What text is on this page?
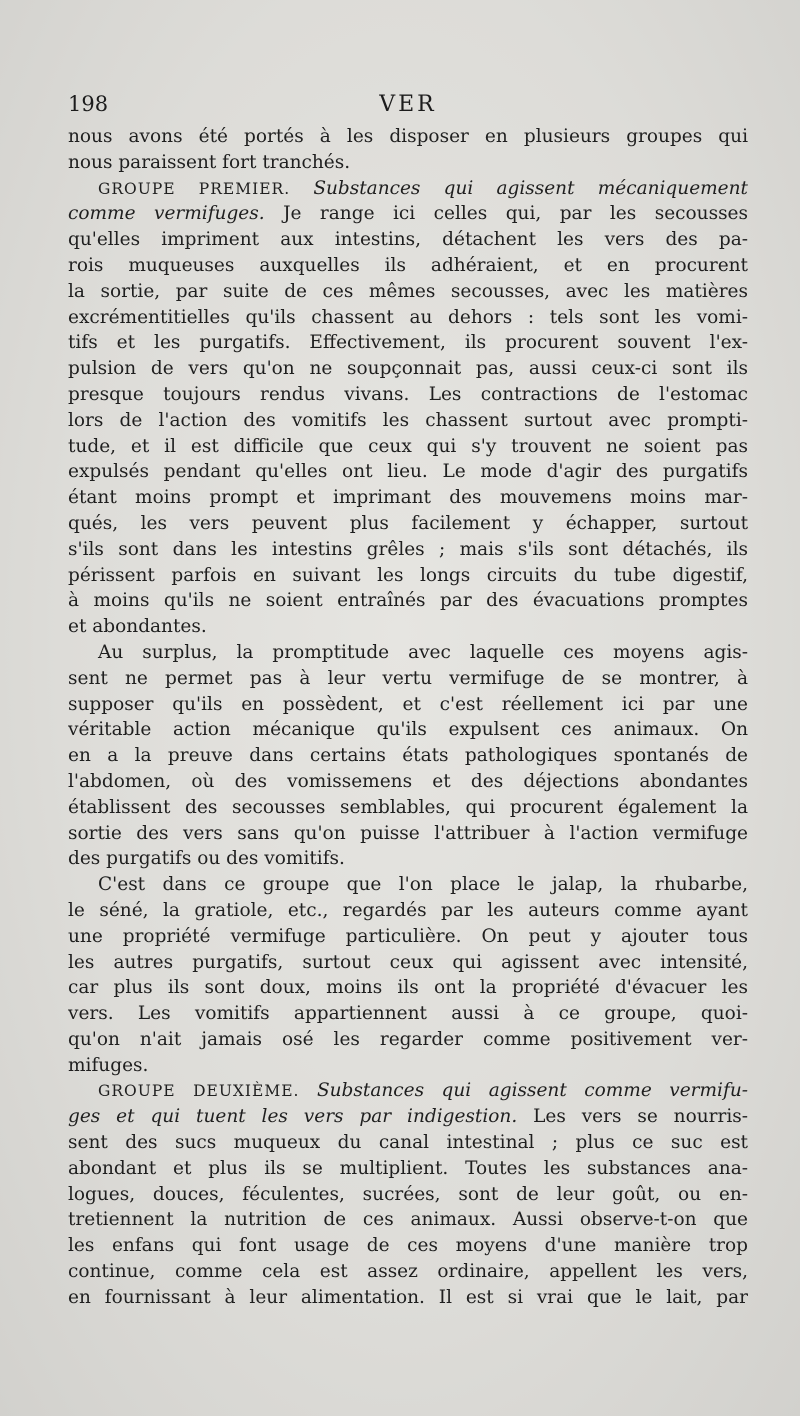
198	VER
nous avons été portés à les disposer en plusieurs groupes qui
nous paraissent fort tranchés.
GROUPE PREMIER. Substances qui agissent mécaniquement
comme vermifuges. Je range ici celles qui, par les secousses
qu'elles impriment aux intestins, détachent les vers des pa-
rois muqueuses auxquelles ils adhéraient, et en procurent
la sortie, par suite de ces mêmes secousses, avec les matières
excrémentitielles qu'ils chassent au dehors : tels sont les vomi-
tifs et les purgatifs. Effectivement, ils procurent souvent l'ex-
pulsion de vers qu'on ne soupçonnait pas, aussi ceux-ci sont ils
presque toujours rendus vivans. Les contractions de l'estomac
lors de l'action des vomitifs les chassent surtout avec prompti-
tude, et il est difficile que ceux qui s'y trouvent ne soient pas
expulsés pendant qu'elles ont lieu. Le mode d'agir des purgatifs
étant moins prompt et imprimant des mouvemens moins mar-
qués, les vers peuvent plus facilement y échapper, surtout
s'ils sont dans les intestins grêles ; mais s'ils sont détachés, ils
périssent parfois en suivant les longs circuits du tube digestif,
à moins qu'ils ne soient entraînés par des évacuations promptes
et abondantes.
Au surplus, la promptitude avec laquelle ces moyens agis-
sent ne permet pas à leur vertu vermifuge de se montrer, à
supposer qu'ils en possèdent, et c'est réellement ici par une
véritable action mécanique qu'ils expulsent ces animaux. On
en a la preuve dans certains états pathologiques spontanés de
l'abdomen, où des vomissemens et des déjections abondantes
établissent des secousses semblables, qui procurent également la
sortie des vers sans qu'on puisse l'attribuer à l'action vermifuge
des purgatifs ou des vomitifs.
C'est dans ce groupe que l'on place le jalap, la rhubarbe,
le séné, la gratiole, etc., regardés par les auteurs comme ayant
une propriété vermifuge particulière. On peut y ajouter tous
les autres purgatifs, surtout ceux qui agissent avec intensité,
car plus ils sont doux, moins ils ont la propriété d'évacuer les
vers. Les vomitifs appartiennent aussi à ce groupe, quoi-
qu'on n'ait jamais osé les regarder comme positivement ver-
mifuges.
GROUPE DEUXIÈME. Substances qui agissent comme vermifu-
ges et qui tuent les vers par indigestion. Les vers se nourris-
sent des sucs muqueux du canal intestinal ; plus ce suc est
abondant et plus ils se multiplient. Toutes les substances ana-
logues, douces, féculentes, sucrées, sont de leur goût, ou en-
tretiennent la nutrition de ces animaux. Aussi observe-t-on que
les enfans qui font usage de ces moyens d'une manière trop
continue, comme cela est assez ordinaire, appellent les vers,
en fournissant à leur alimentation. Il est si vrai que le lait, par
